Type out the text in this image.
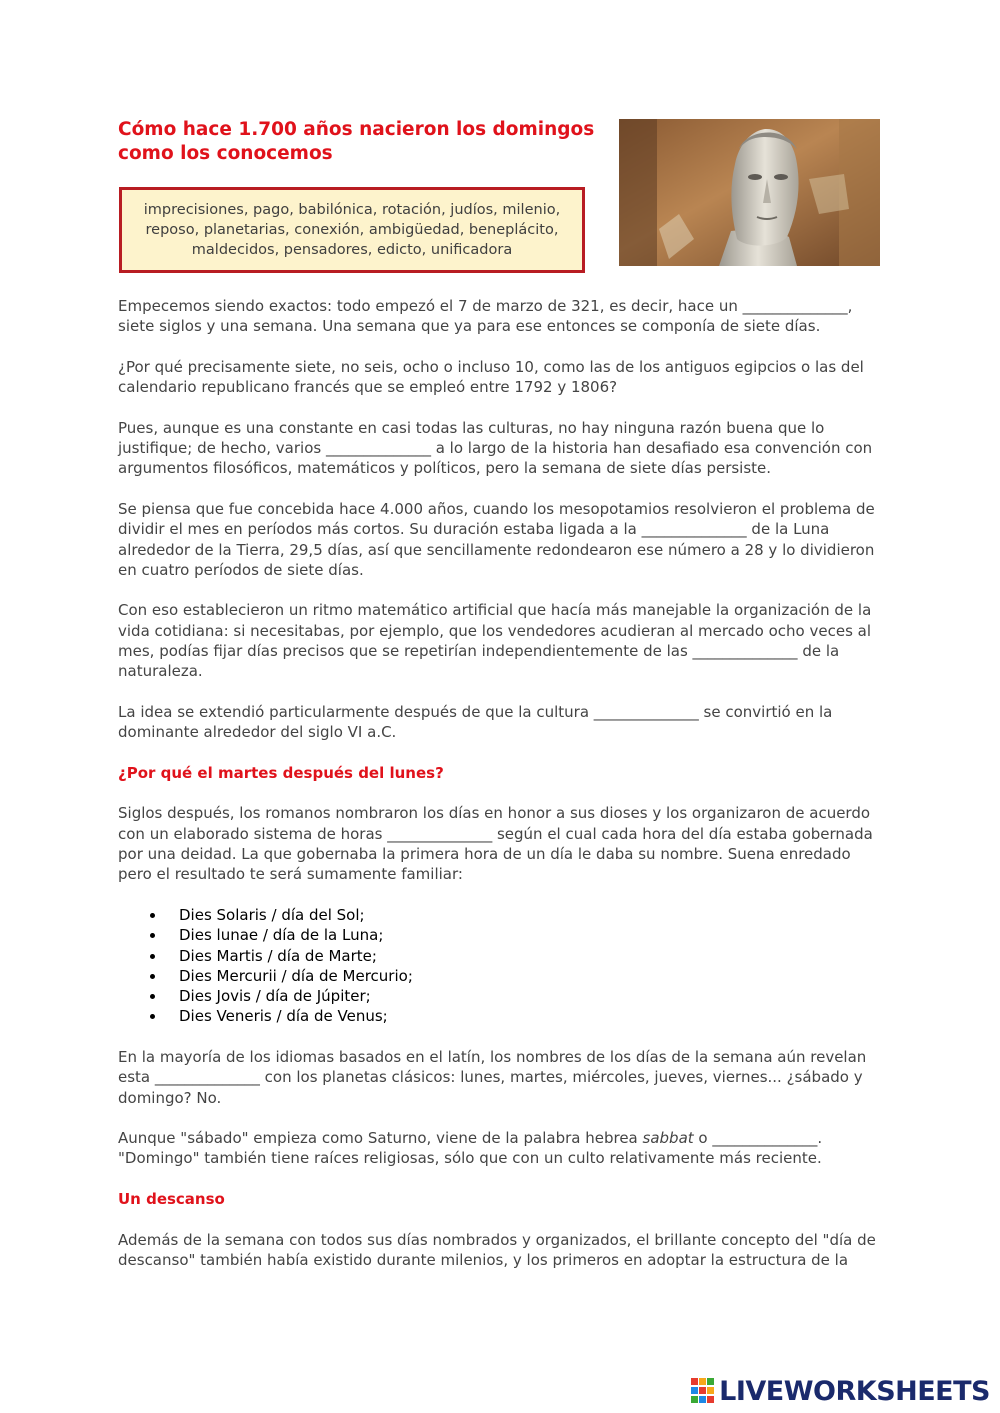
Cómo hace 1.700 años nacieron los domingos como los conocemos
imprecisiones, pago, babilónica, rotación, judíos, milenio, reposo, planetarias, conexión, ambigüedad, beneplácito, maldecidos, pensadores, edicto, unificadora

Empecemos siendo exactos: todo empezó el 7 de marzo de 321, es decir, hace un ______________, siete siglos y una semana. Una semana que ya para ese entonces se componía de siete días.

¿Por qué precisamente siete, no seis, ocho o incluso 10, como las de los antiguos egipcios o las del calendario republicano francés que se empleó entre 1792 y 1806?

Pues, aunque es una constante en casi todas las culturas, no hay ninguna razón buena que lo justifique; de hecho, varios ______________ a lo largo de la historia han desafiado esa convención con argumentos filosóficos, matemáticos y políticos, pero la semana de siete días persiste.

Se piensa que fue concebida hace 4.000 años, cuando los mesopotamios resolvieron el problema de dividir el mes en períodos más cortos. Su duración estaba ligada a la ______________ de la Luna alrededor de la Tierra, 29,5 días, así que sencillamente redondearon ese número a 28 y lo dividieron en cuatro períodos de siete días.

Con eso establecieron un ritmo matemático artificial que hacía más manejable la organización de la vida cotidiana: si necesitabas, por ejemplo, que los vendedores acudieran al mercado ocho veces al mes, podías fijar días precisos que se repetirían independientemente de las ______________ de la naturaleza.

La idea se extendió particularmente después de que la cultura ______________ se convirtió en la dominante alrededor del siglo VI a.C.

¿Por qué el martes después del lunes?

Siglos después, los romanos nombraron los días en honor a sus dioses y los organizaron de acuerdo con un elaborado sistema de horas ______________ según el cual cada hora del día estaba gobernada por una deidad. La que gobernaba la primera hora de un día le daba su nombre. Suena enredado pero el resultado te será sumamente familiar:

Dies Solaris / día del Sol;
Dies lunae / día de la Luna;
Dies Martis / día de Marte;
Dies Mercurii / día de Mercurio;
Dies Jovis / día de Júpiter;
Dies Veneris / día de Venus;

En la mayoría de los idiomas basados en el latín, los nombres de los días de la semana aún revelan esta ______________ con los planetas clásicos: lunes, martes, miércoles, jueves, viernes... ¿sábado y domingo? No.

Aunque "sábado" empieza como Saturno, viene de la palabra hebrea sabbat o ______________. "Domingo" también tiene raíces religiosas, sólo que con un culto relativamente más reciente.

Un descanso

Además de la semana con todos sus días nombrados y organizados, el brillante concepto del "día de descanso" también había existido durante milenios, y los primeros en adoptar la estructura de la

LIVEWORKSHEETS
